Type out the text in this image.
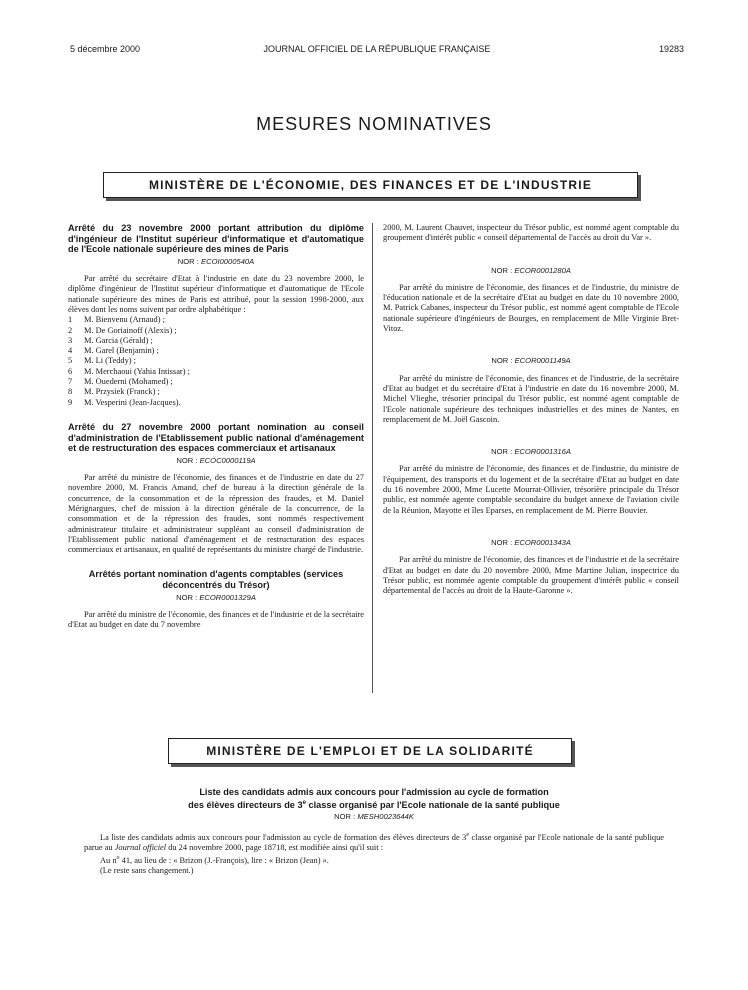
5 décembre 2000	JOURNAL OFFICIEL DE LA RÉPUBLIQUE FRANÇAISE	19283
MESURES NOMINATIVES
MINISTÈRE DE L'ÉCONOMIE, DES FINANCES ET DE L'INDUSTRIE

Arrêté du 23 novembre 2000 portant attribution du diplôme d'ingénieur de l'Institut supérieur d'informatique et d'automatique de l'Ecole nationale supérieure des mines de Paris

NOR : ECOI0000540A

Par arrêté du secrétaire d'Etat à l'industrie en date du 23 novembre 2000, le diplôme d'ingénieur de l'Institut supérieur d'informatique et d'automatique de l'Ecole nationale supérieure des mines de Paris est attribué, pour la session 1998-2000, aux élèves dont les noms suivent par ordre alphabétique :

1	M. Bienvenu (Arnaud) ;
2	M. De Goriainoff (Alexis) ;
3	M. Garcia (Gérald) ;
4	M. Garel (Benjamin) ;
5	M. Li (Teddy) ;
6	M. Merchaoui (Yahia Intissar) ;
7	M. Ouederni (Mohamed) ;
8	M. Przysiek (Franck) ;
9	M. Vesperini (Jean-Jacques).

Arrêté du 27 novembre 2000 portant nomination au conseil d'administration de l'Etablissement public national d'aménagement et de restructuration des espaces commerciaux et artisanaux

NOR : ECOC0000119A

Par arrêté du ministre de l'économie, des finances et de l'industrie en date du 27 novembre 2000, M. Francis Amand, chef de bureau à la direction générale de la concurrence, de la consommation et de la répression des fraudes, et M. Daniel Mérignargues, chef de mission à la direction générale de la concurrence, de la consommation et de la répression des fraudes, sont nommés respectivement administrateur titulaire et administrateur suppléant au conseil d'administration de l'Etablissement public national d'aménagement et de restructuration des espaces commerciaux et artisanaux, en qualité de représentants du ministre chargé de l'industrie.

Arrêtés portant nomination d'agents comptables (services déconcentrés du Trésor)

NOR : ECOR0001329A

Par arrêté du ministre de l'économie, des finances et de l'industrie et de la secrétaire d'Etat au budget en date du 7 novembre

2000, M. Laurent Chauvet, inspecteur du Trésor public, est nommé agent comptable du groupement d'intérêt public « conseil départemental de l'accès au droit du Var ».

NOR : ECOR0001280A

Par arrêté du ministre de l'économie, des finances et de l'industrie, du ministre de l'éducation nationale et de la secrétaire d'Etat au budget en date du 10 novembre 2000, M. Patrick Cabanes, inspecteur du Trésor public, est nommé agent comptable de l'Ecole nationale supérieure d'ingénieurs de Bourges, en remplacement de Mlle Virginie Bret-Vitoz.

NOR : ECOR0001149A

Par arrêté du ministre de l'économie, des finances et de l'industrie, de la secrétaire d'Etat au budget et du secrétaire d'Etat à l'industrie en date du 16 novembre 2000, M. Michel Vlieghe, trésorier principal du Trésor public, est nommé agent comptable de l'Ecole nationale supérieure des techniques industrielles et des mines de Nantes, en remplacement de M. Joël Gascoin.

NOR : ECOR0001316A

Par arrêté du ministre de l'économie, des finances et de l'industrie, du ministre de l'équipement, des transports et du logement et de la secrétaire d'Etat au budget en date du 16 novembre 2000, Mme Lucette Mourrat-Ollivier, trésorière principale du Trésor public, est nommée agente comptable secondaire du budget annexe de l'aviation civile de la Réunion, Mayotte et îles Eparses, en remplacement de M. Pierre Bouvier.

NOR : ECOR0001343A

Par arrêté du ministre de l'économie, des finances et de l'industrie et de la secrétaire d'Etat au budget en date du 20 novembre 2000, Mme Martine Julian, inspectrice du Trésor public, est nommée agente comptable du groupement d'intérêt public « conseil départemental de l'accès au droit de la Haute-Garonne ».

MINISTÈRE DE L'EMPLOI ET DE LA SOLIDARITÉ

Liste des candidats admis aux concours pour l'admission au cycle de formation

des élèves directeurs de 3e classe organisé par l'Ecole nationale de la santé publique

NOR : MESH0023644K

La liste des candidats admis aux concours pour l'admission au cycle de formation des élèves directeurs de 3e classe organisé par l'Ecole nationale de la santé publique parue au Journal officiel du 24 novembre 2000, page 18718, est modifiée ainsi qu'il suit :

Au $n^o$ 41, au lieu de : « Brizon (J.-François), lire : « Brizon (Jean) ».

(Le reste sans changement.)
